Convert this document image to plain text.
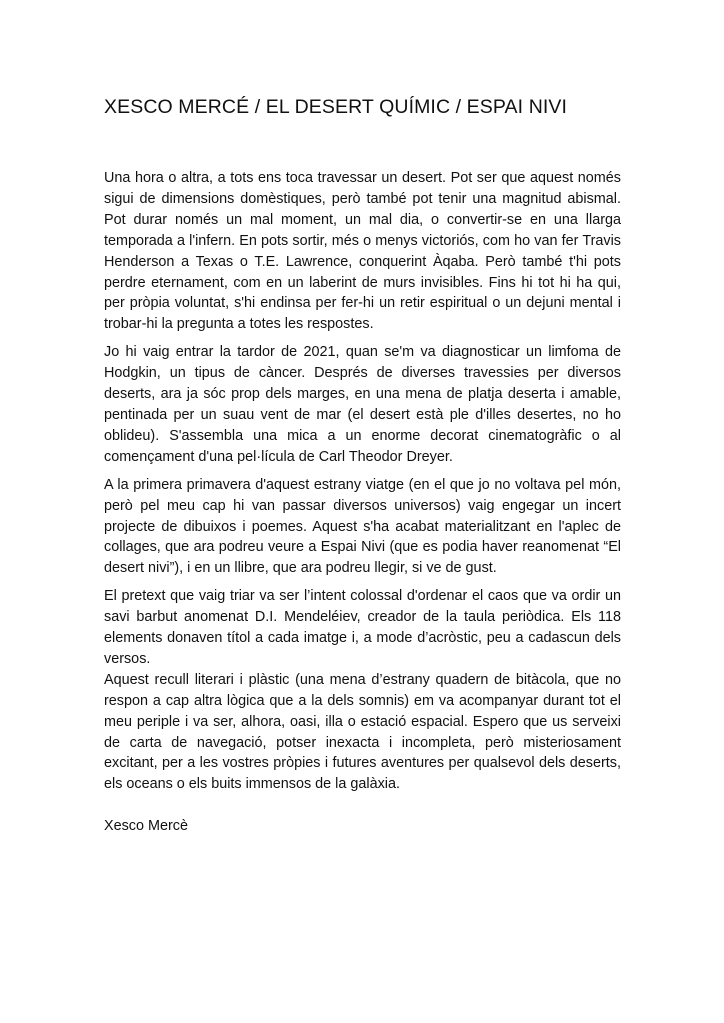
XESCO MERCÉ / EL DESERT QUÍMIC / ESPAI NIVI

Una hora o altra, a tots ens toca travessar un desert. Pot ser que aquest només sigui de dimensions domèstiques, però també pot tenir una magnitud abismal. Pot durar només un mal moment, un mal dia, o convertir-se en una llarga temporada a l'infern. En pots sortir, més o menys victoriós, com ho van fer Travis Henderson a Texas o T.E. Lawrence, conquerint Àqaba. Però també t'hi pots perdre eternament, com en un laberint de murs invisibles. Fins hi tot hi ha qui, per pròpia voluntat, s'hi endinsa per fer-hi un retir espiritual o un dejuni mental i trobar-hi la pregunta a totes les respostes.

Jo hi vaig entrar la tardor de 2021, quan se'm va diagnosticar un limfoma de Hodgkin, un tipus de càncer. Després de diverses travessies per diversos deserts, ara ja sóc prop dels marges, en una mena de platja deserta i amable, pentinada per un suau vent de mar (el desert està ple d'illes desertes, no ho oblideu). S'assembla una mica a un enorme decorat cinematogràfic o al començament d'una pel·lícula de Carl Theodor Dreyer.

A la primera primavera d'aquest estrany viatge (en el que jo no voltava pel món, però pel meu cap hi van passar diversos universos) vaig engegar un incert projecte de dibuixos i poemes. Aquest s'ha acabat materialitzant en l'aplec de collages, que ara podreu veure a Espai Nivi (que es podia haver reanomenat “El desert nivi”), i en un llibre, que ara podreu llegir, si ve de gust.

El pretext que vaig triar va ser l’intent colossal d'ordenar el caos que va ordir un savi barbut anomenat D.I. Mendeléiev, creador de la taula periòdica. Els 118 elements donaven títol a cada imatge i, a mode d’acròstic, peu a cadascun dels versos.

Aquest recull literari i plàstic (una mena d’estrany quadern de bitàcola, que no respon a cap altra lògica que a la dels somnis) em va acompanyar durant tot el meu periple i va ser, alhora, oasi, illa o estació espacial. Espero que us serveixi de carta de navegació, potser inexacta i incompleta, però misteriosament excitant, per a les vostres pròpies i futures aventures per qualsevol dels deserts, els oceans o els buits immensos de la galàxia.

Xesco Mercè
